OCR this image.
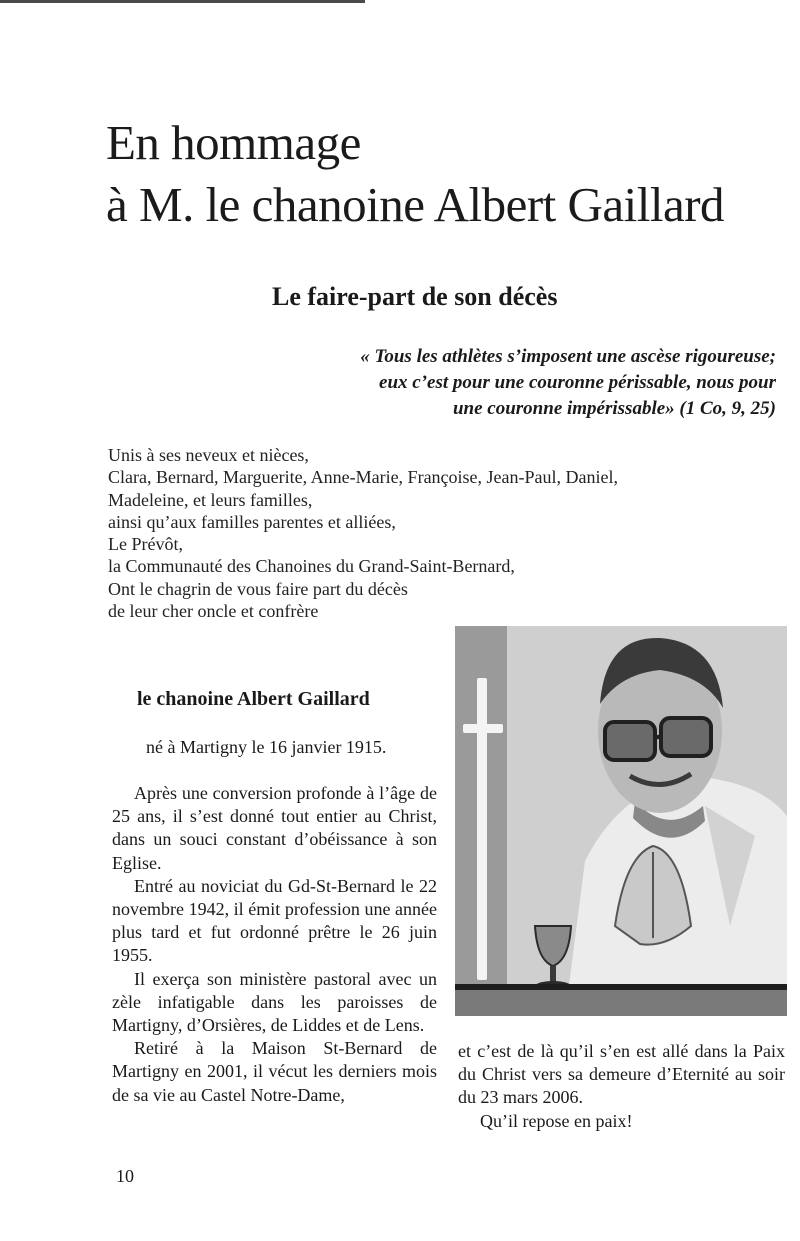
En hommage
à M. le chanoine Albert Gaillard
Le faire-part de son décès
« Tous les athlètes s’imposent une ascèse rigoureuse;
eux c’est pour une couronne périssable, nous pour
une couronne impérissable» (1 Co, 9, 25)
Unis à ses neveux et nièces,
Clara, Bernard, Marguerite, Anne-Marie, Françoise, Jean-Paul, Daniel,
Madeleine, et leurs familles,
ainsi qu’aux familles parentes et alliées,
Le Prévôt,
la Communauté des Chanoines du Grand-Saint-Bernard,
Ont le chagrin de vous faire part du décès
de leur cher oncle et confrère
le chanoine Albert Gaillard
né à Martigny le 16 janvier 1915.

Après une conversion profonde à l’âge de 25 ans, il s’est donné tout entier au Christ, dans un souci constant d’obéissance à son Eglise.

Entré au noviciat du Gd-St-Bernard le 22 novembre 1942, il émit profession une année plus tard et fut ordonné prêtre le 26 juin 1955.

Il exerça son ministère pastoral avec un zèle infatigable dans les paroisses de Martigny, d’Orsières, de Liddes et de Lens.

Retiré à la Maison St-Bernard de Martigny en 2001, il vécut les derniers mois de sa vie au Castel Notre-Dame,

et c’est de là qu’il s’en est allé dans la Paix du Christ vers sa demeure d’Eternité au soir du 23 mars 2006.

Qu’il repose en paix!

10
